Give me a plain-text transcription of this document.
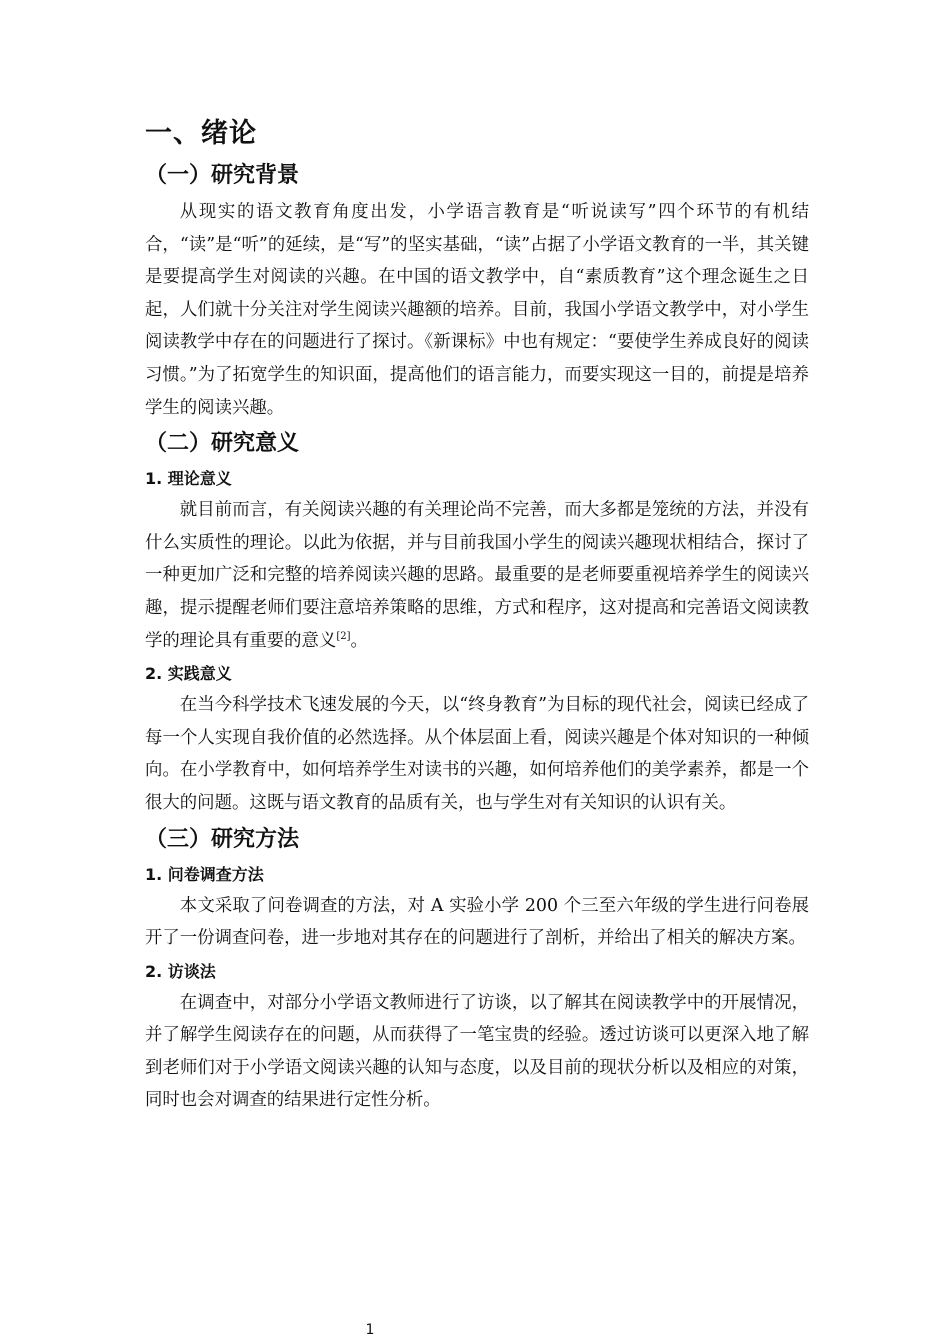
一、绪论
（一）研究背景

从现实的语文教育角度出发，小学语言教育是“听说读写”四个环节的有机结合，“读”是“听”的延续，是“写”的坚实基础，“读”占据了小学语文教育的一半，其关键是要提高学生对阅读的兴趣。在中国的语文教学中，自“素质教育”这个理念诞生之日起，人们就十分关注对学生阅读兴趣额的培养。目前，我国小学语文教学中，对小学生阅读教学中存在的问题进行了探讨。《新课标》中也有规定：“要使学生养成良好的阅读习惯。”为了拓宽学生的知识面，提高他们的语言能力，而要实现这一目的，前提是培养学生的阅读兴趣。

（二）研究意义
1. 理论意义

就目前而言，有关阅读兴趣的有关理论尚不完善，而大多都是笼统的方法，并没有什么实质性的理论。以此为依据，并与目前我国小学生的阅读兴趣现状相结合，探讨了一种更加广泛和完整的培养阅读兴趣的思路。最重要的是老师要重视培养学生的阅读兴趣，提示提醒老师们要注意培养策略的思维，方式和程序，这对提高和完善语文阅读教学的理论具有重要的意义[2]。

2. 实践意义

在当今科学技术飞速发展的今天，以“终身教育”为目标的现代社会，阅读已经成了每一个人实现自我价值的必然选择。从个体层面上看，阅读兴趣是个体对知识的一种倾向。在小学教育中，如何培养学生对读书的兴趣，如何培养他们的美学素养，都是一个很大的问题。这既与语文教育的品质有关，也与学生对有关知识的认识有关。

（三）研究方法
1. 问卷调查方法

本文采取了问卷调查的方法，对 A 实验小学 200 个三至六年级的学生进行问卷展开了一份调查问卷，进一步地对其存在的问题进行了剖析，并给出了相关的解决方案。

2. 访谈法

在调查中，对部分小学语文教师进行了访谈，以了解其在阅读教学中的开展情况，并了解学生阅读存在的问题，从而获得了一笔宝贵的经验。透过访谈可以更深入地了解到老师们对于小学语文阅读兴趣的认知与态度，以及目前的现状分析以及相应的对策，同时也会对调查的结果进行定性分析。

1
